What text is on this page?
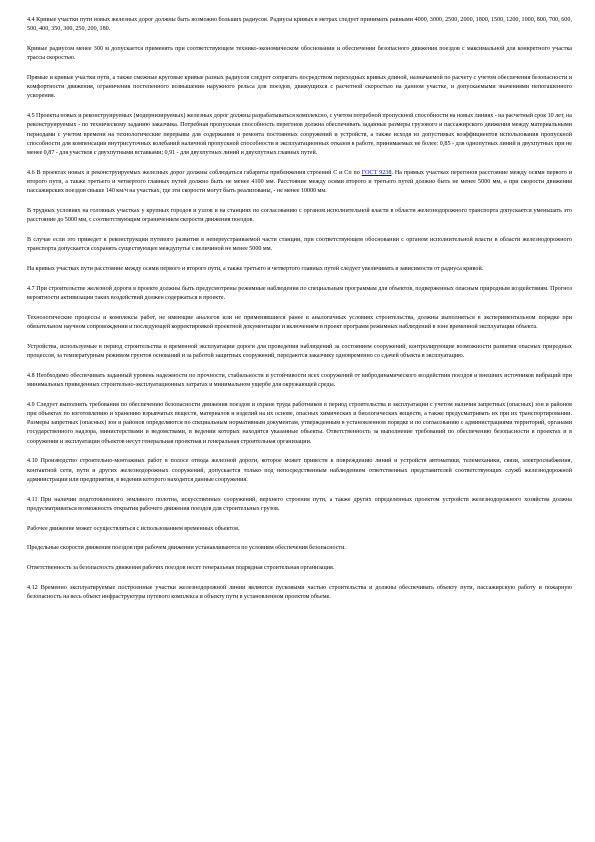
4.4 Кривые участки пути новых железных дорог должны быть возможно больших радиусов. Радиусы кривых в метрах следует принимать равными 4000, 3000, 2500, 2000, 1800, 1500, 1200, 1000, 800, 700, 600, 500, 400, 350, 300, 250, 200, 180.

Кривые радиусом менее 300 м допускается применять при соответствующем технико-экономическом обосновании и обеспечении безопасного движения поездов с максимальной для конкретного участка трассы скоростью.

Прямые и кривые участки пути, а также смежные круговые кривые разных радиусов следует сопрягать посредством переходных кривых длиной, назначаемой по расчету с учетом обеспечения безопасности и комфортности движения, ограничения постепенного возвышения наружного рельса для поездов, движущихся с расчетной скоростью на данном участке, и допускаемыми значениями непогашенного ускорения.

4.5 Проекты новых и реконструируемых (модернизируемых) железных дорог должны разрабатываться комплексно, с учетом потребной пропускной способности на новых линиях - на расчетный срок 10 лет, на реконструируемых - по техническому заданию заказчика. Потребная пропускная способность перегонов должна обеспечивать заданные размеры грузового и пассажирского движения между материальными периодами с учетом времени на технологические перерывы для содержания и ремонта постоянных сооружений и устройств, а также исходя из допустимых коэффициентов использования пропускной способности для компенсации внутрисуточных колебаний наличной пропускной способности и эксплуатационных отказов в работе, принимаемых не более: 0,85 - для однопутных линий и двухпутных при не менее 0,87 - для участков с двухпутными вставками; 0,91 - для двухпутных линий и двухпутных главных путей.

4.6 В проектах новых и реконструируемых железных дорог должны соблюдаться габариты приближения строений С и Сп по ГОСТ 9238. На прямых участках перегонов расстояние между осями первого и второго пути, а также третьего и четвертого главных путей должно быть не менее 4100 мм. Расстояние между осями второго и третьего путей должно быть не менее 5000 мм, а при скорости движения пассажирских поездов свыше 140 км/ч на участках, где эти скорости могут быть реализованы, - не менее 10000 мм.

В трудных условиях на головных участках у крупных городов и узлов и на станциях по согласованию с органом исполнительной власти в области железнодорожного транспорта допускается уменьшать это расстояние до 5000 мм, с соответствующим ограничением скорости движения поездов.

В случае если это приведет к реконструкции путевого развития в непереустраиваемой части станции, при соответствующем обосновании с органом исполнительной власти в области железнодорожного транспорта допускается сохранять существующее междупутье с величиной не менее 5000 мм.

На кривых участках пути расстояние между осями первого и второго пути, а также третьего и четвертого главных путей следует увеличивать в зависимости от радиуса кривой.

4.7 При строительстве железной дороги в проекте должны быть предусмотрены режимные наблюдения по специальным программам для объектов, подверженных опасным природным воздействиям. Прогноз вероятности активизации таких воздействий должен содержаться в проекте.

Технологические процессы и комплексы работ, не имеющие аналогов или не применявшиеся ранее в аналогичных условиях строительства, должны выполняться в экспериментальном порядке при обязательном научном сопровождении и последующей корректировкой проектной документации и включением в проект программ режимных наблюдений в зоне временной эксплуатации объекта.

Устройства, используемые в период строительства и временной эксплуатации дороги для проведения наблюдений за состоянием сооружений, контролирующие возможности развития опасных природных процессов, за температурным режимом грунтов оснований и за работой защитных сооружений, передаются заказчику одновременно со сдачей объекта в эксплуатацию.

4.8 Необходимо обеспечивать заданный уровень надежности по прочности, стабильности и устойчивости всех сооружений от вибродинамического воздействия поездов и внешних источников вибраций при минимальных приведенных строительно-эксплуатационных затратах и минимальном ущербе для окружающей среды.

4.9 Следует выполнять требования по обеспечению безопасности движения поездов и охране труда работников в период строительства и эксплуатации с учетом наличия запретных (опасных) зон и районов при объектах по изготовлению и хранению взрывчатых веществ, материалов и изделий на их основе, опасных химических и биологических веществ, а также предусматривать их при их транспортировании. Размеры запретных (опасных) зон и районов определяются по специальным нормативным документам, утвержденным в установленном порядке и по согласованию с администрациями территорий, органами государственного надзора, министерствами и ведомствами, в ведении которых находятся указанные объекты. Ответственность за выполнение требований по обеспечению безопасности в проектах и в сооружении и эксплуатации объектов несут генеральная проектная и генеральная строительная организации.

4.10 Производство строительно-монтажных работ в полосе отвода железной дороги, которое может привести к повреждению линий и устройств автоматики, телемеханики, связи, электроснабжения, контактной сети, пути и других железнодорожных сооружений, допускается только под непосредственным наблюдением ответственных представителей соответствующих служб железнодорожной администрации или предприятия, в ведении которого находятся данные сооружения.

4.11 При наличии подготовленного земляного полотна, искусственных сооружений, верхнего строения пути, а также других определенных проектом устройств железнодорожного хозяйства должна предусматриваться возможность открытия рабочего движения поездов для строительных грузов.

Рабочее движение может осуществляться с использованием временных объектов.

Предельные скорости движения поездов при рабочем движении устанавливаются по условиям обеспечения безопасности.

Ответственность за безопасность движения рабочих поездов несет генеральная подрядная строительная организация.

4.12 Временно эксплуатируемые построенные участки железнодорожной линии являются пусковыми частью строительства и должны обеспечивать объекту пути, пассажирскую работу и пожарную безопасность на весь объект инфраструктуры путевого комплекса и объекту пути в установленном проектом объеме.
